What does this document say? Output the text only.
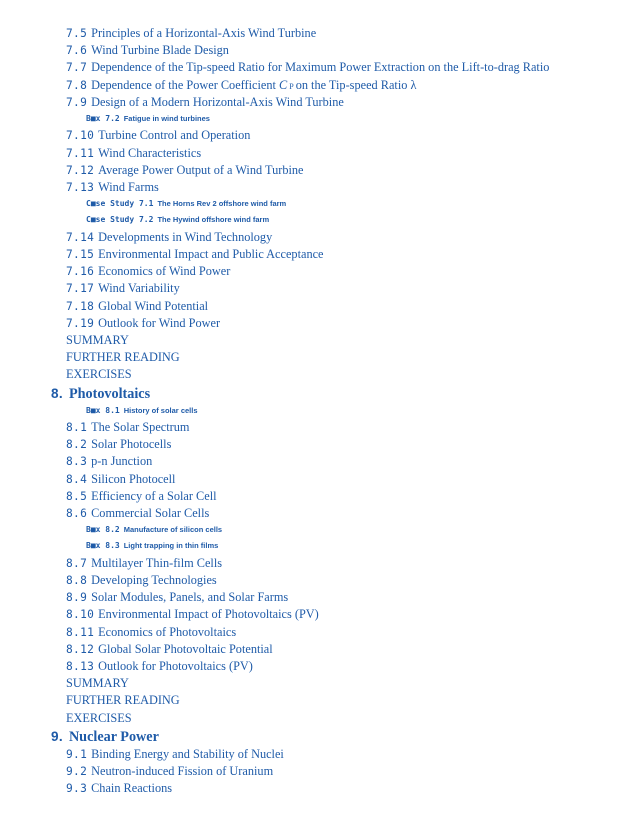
7.5 Principles of a Horizontal-Axis Wind Turbine
7.6 Wind Turbine Blade Design
7.7 Dependence of the Tip-speed Ratio for Maximum Power Extraction on the Lift-to-drag Ratio
7.8 Dependence of the Power Coefficient
C P on the Tip-speed Ratio λ
7.9 Design of a Modern Horizontal-Axis Wind Turbine
B■x 7.2 Fatigue in wind turbines
7.10 Turbine Control and Operation
7.11 Wind Characteristics
7.12 Average Power Output of a Wind Turbine
7.13 Wind Farms
C■se Study 7.1 The Horns Rev 2 offshore wind farm
C■se Study 7.2 The Hywind offshore wind farm
7.14 Developments in Wind Technology
7.15 Environmental Impact and Public Acceptance
7.16 Economics of Wind Power
7.17 Wind Variability
7.18 Global Wind Potential
7.19 Outlook for Wind Power
SUMMARY
FURTHER READING
EXERCISES
8. Photovoltaics
B■x 8.1 History of solar cells
8.1 The Solar Spectrum
8.2 Solar Photocells
8.3 p-n Junction
8.4 Silicon Photocell
8.5 Efficiency of a Solar Cell
8.6 Commercial Solar Cells
B■x 8.2 Manufacture of silicon cells
B■x 8.3 Light trapping in thin films
8.7 Multilayer Thin-film Cells
8.8 Developing Technologies
8.9 Solar Modules, Panels, and Solar Farms
8.10 Environmental Impact of Photovoltaics (PV)
8.11 Economics of Photovoltaics
8.12 Global Solar Photovoltaic Potential
8.13 Outlook for Photovoltaics (PV)
SUMMARY
FURTHER READING
EXERCISES
9. Nuclear Power
9.1 Binding Energy and Stability of Nuclei
9.2 Neutron-induced Fission of Uranium
9.3 Chain Reactions
